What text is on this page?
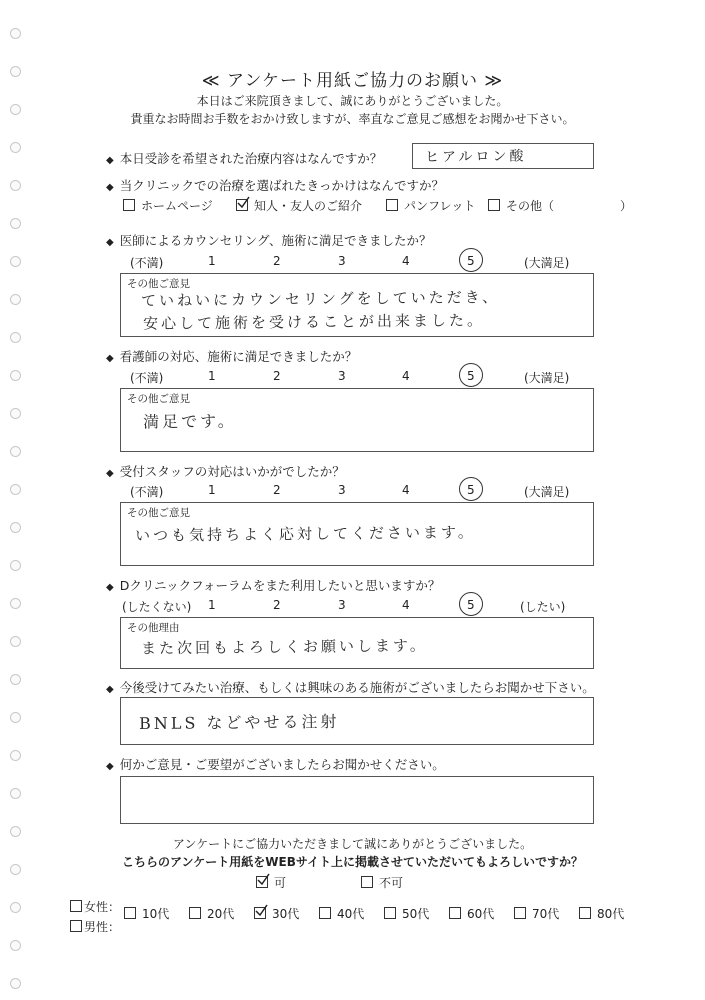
≪ アンケート用紙ご協力のお願い ≫
本日はご来院頂きまして、誠にありがとうございました。
貴重なお時間お手数をおかけ致しますが、率直なご意見ご感想をお聞かせ下さい。
◆ 本日受診を希望された治療内容はなんですか？	ヒアルロン酸
◆ 当クリニックでの治療を選ばれたきっかけはなんですか？
ホームページ	知人・友人のご紹介	パンフレット	その他（	）
◆ 医師によるカウンセリング、施術に満足できましたか？
(不満)	1	2	3	4	5	(大満足)
その他ご意見
ていねいにカウンセリングをしていただき、
安心して施術を受けることが出来ました。
◆ 看護師の対応、施術に満足できましたか？
(不満)	1	2	3	4	5	(大満足)
その他ご意見
満足です。
◆ 受付スタッフの対応はいかがでしたか？
(不満)	1	2	3	4	5	(大満足)
その他ご意見
いつも気持ちよく応対してくださいます。
◆ Dクリニックフォーラムをまた利用したいと思いますか？
(したくない) 1	2	3	4	5	(したい)
その他理由
また次回もよろしくお願いします。
◆ 今後受けてみたい治療、もしくは興味のある施術がございましたらお聞かせ下さい。
BNLS などやせる注射
◆ 何かご意見・ご要望がございましたらお聞かせください。
アンケートにご協力いただきまして誠にありがとうございました。
こちらのアンケート用紙をWEBサイト上に掲載させていただいてもよろしいですか？
可	不可
女性：
男性：
10代	20代	30代	40代	50代	60代	70代	80代
